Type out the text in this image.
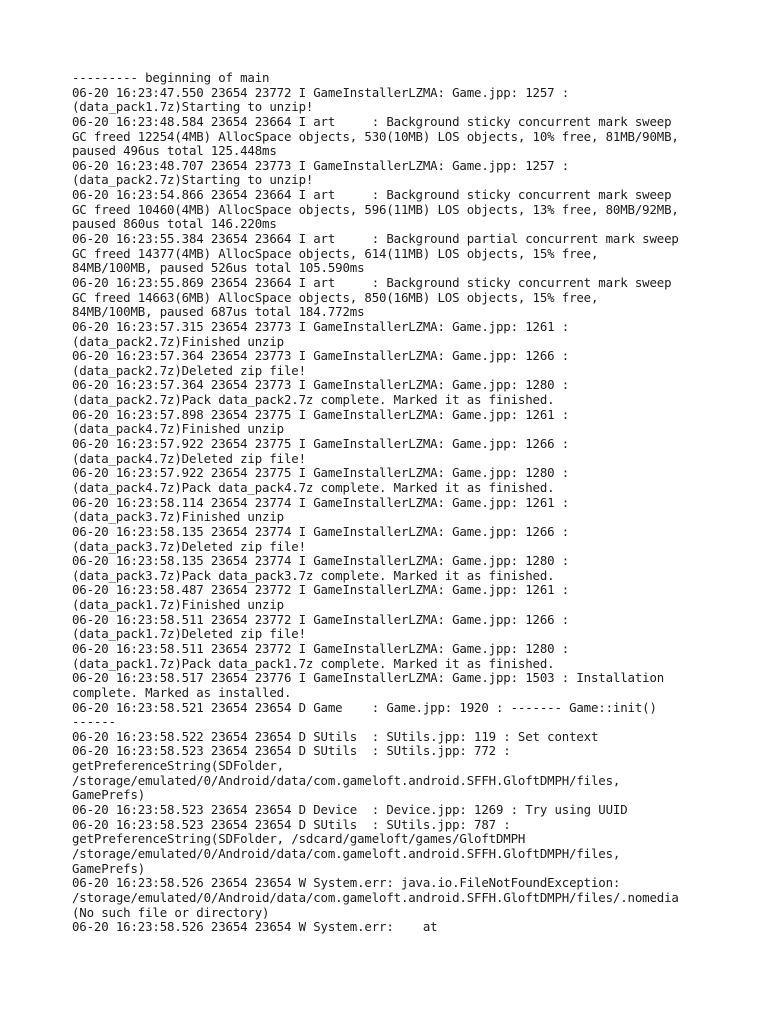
--------- beginning of main
06-20 16:23:47.550 23654 23772 I GameInstallerLZMA: Game.jpp: 1257 :
(data_pack1.7z)Starting to unzip!
06-20 16:23:48.584 23654 23664 I art     : Background sticky concurrent mark sweep
GC freed 12254(4MB) AllocSpace objects, 530(10MB) LOS objects, 10% free, 81MB/90MB,
paused 496us total 125.448ms
06-20 16:23:48.707 23654 23773 I GameInstallerLZMA: Game.jpp: 1257 :
(data_pack2.7z)Starting to unzip!
06-20 16:23:54.866 23654 23664 I art     : Background sticky concurrent mark sweep
GC freed 10460(4MB) AllocSpace objects, 596(11MB) LOS objects, 13% free, 80MB/92MB,
paused 860us total 146.220ms
06-20 16:23:55.384 23654 23664 I art     : Background partial concurrent mark sweep
GC freed 14377(4MB) AllocSpace objects, 614(11MB) LOS objects, 15% free,
84MB/100MB, paused 526us total 105.590ms
06-20 16:23:55.869 23654 23664 I art     : Background sticky concurrent mark sweep
GC freed 14663(6MB) AllocSpace objects, 850(16MB) LOS objects, 15% free,
84MB/100MB, paused 687us total 184.772ms
06-20 16:23:57.315 23654 23773 I GameInstallerLZMA: Game.jpp: 1261 :
(data_pack2.7z)Finished unzip
06-20 16:23:57.364 23654 23773 I GameInstallerLZMA: Game.jpp: 1266 :
(data_pack2.7z)Deleted zip file!
06-20 16:23:57.364 23654 23773 I GameInstallerLZMA: Game.jpp: 1280 :
(data_pack2.7z)Pack data_pack2.7z complete. Marked it as finished.
06-20 16:23:57.898 23654 23775 I GameInstallerLZMA: Game.jpp: 1261 :
(data_pack4.7z)Finished unzip
06-20 16:23:57.922 23654 23775 I GameInstallerLZMA: Game.jpp: 1266 :
(data_pack4.7z)Deleted zip file!
06-20 16:23:57.922 23654 23775 I GameInstallerLZMA: Game.jpp: 1280 :
(data_pack4.7z)Pack data_pack4.7z complete. Marked it as finished.
06-20 16:23:58.114 23654 23774 I GameInstallerLZMA: Game.jpp: 1261 :
(data_pack3.7z)Finished unzip
06-20 16:23:58.135 23654 23774 I GameInstallerLZMA: Game.jpp: 1266 :
(data_pack3.7z)Deleted zip file!
06-20 16:23:58.135 23654 23774 I GameInstallerLZMA: Game.jpp: 1280 :
(data_pack3.7z)Pack data_pack3.7z complete. Marked it as finished.
06-20 16:23:58.487 23654 23772 I GameInstallerLZMA: Game.jpp: 1261 :
(data_pack1.7z)Finished unzip
06-20 16:23:58.511 23654 23772 I GameInstallerLZMA: Game.jpp: 1266 :
(data_pack1.7z)Deleted zip file!
06-20 16:23:58.511 23654 23772 I GameInstallerLZMA: Game.jpp: 1280 :
(data_pack1.7z)Pack data_pack1.7z complete. Marked it as finished.
06-20 16:23:58.517 23654 23776 I GameInstallerLZMA: Game.jpp: 1503 : Installation
complete. Marked as installed.
06-20 16:23:58.521 23654 23654 D Game    : Game.jpp: 1920 : ------- Game::init()
------
06-20 16:23:58.522 23654 23654 D SUtils  : SUtils.jpp: 119 : Set context
06-20 16:23:58.523 23654 23654 D SUtils  : SUtils.jpp: 772 :
getPreferenceString(SDFolder,
/storage/emulated/0/Android/data/com.gameloft.android.SFFH.GloftDMPH/files,
GamePrefs)
06-20 16:23:58.523 23654 23654 D Device  : Device.jpp: 1269 : Try using UUID
06-20 16:23:58.523 23654 23654 D SUtils  : SUtils.jpp: 787 :
getPreferenceString(SDFolder, /sdcard/gameloft/games/GloftDMPH
/storage/emulated/0/Android/data/com.gameloft.android.SFFH.GloftDMPH/files,
GamePrefs)
06-20 16:23:58.526 23654 23654 W System.err: java.io.FileNotFoundException:
/storage/emulated/0/Android/data/com.gameloft.android.SFFH.GloftDMPH/files/.nomedia
(No such file or directory)
06-20 16:23:58.526 23654 23654 W System.err:    at
